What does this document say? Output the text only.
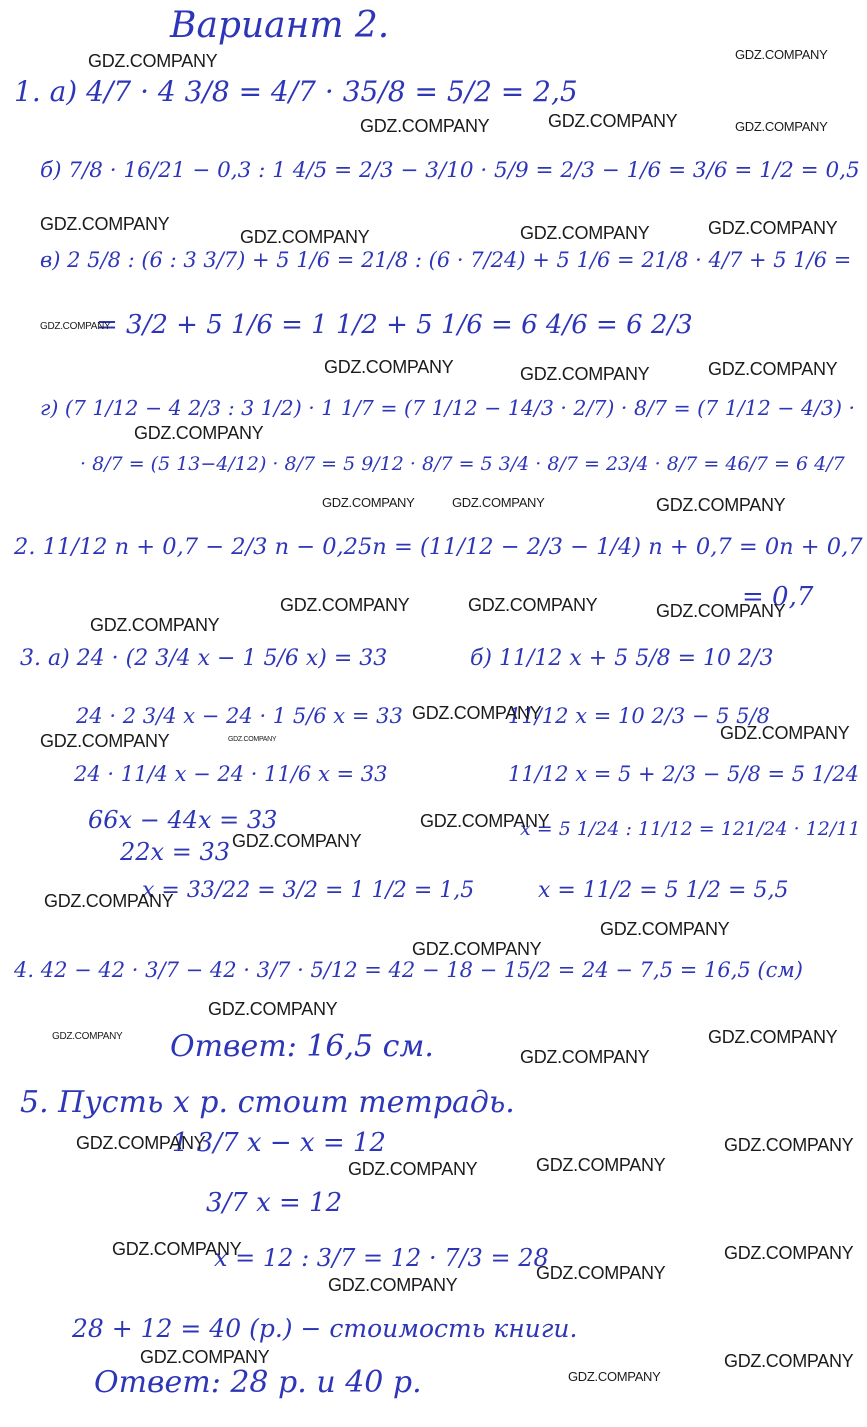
Вариант 2.
1. а) 4/7 · 4 3/8 = 4/7 · 35/8 = 5/2 = 2,5
б) 7/8 · 16/21 − 0,3 : 1 4/5 = 2/3 − 3/10 · 5/9 = 2/3 − 1/6 = 3/6 = 1/2 = 0,5
в) 2 5/8 : (6 : 3 3/7) + 5 1/6 = 21/8 : (6 · 7/24) + 5 1/6 = 21/8 · 4/7 + 5 1/6 =
= 3/2 + 5 1/6 = 1 1/2 + 5 1/6 = 6 4/6 = 6 2/3
г) (7 1/12 − 4 2/3 : 3 1/2) · 1 1/7 = (7 1/12 − 14/3 · 2/7) · 8/7 = (7 1/12 − 4/3) ·
· 8/7 = (5 13−4/12) · 8/7 = 5 9/12 · 8/7 = 5 3/4 · 8/7 = 23/4 · 8/7 = 46/7 = 6 4/7
2. 11/12 n + 0,7 − 2/3 n − 0,25n = (11/12 − 2/3 − 1/4) n + 0,7 = 0n + 0,7
= 0,7
3. а) 24 · (2 3/4 x − 1 5/6 x) = 33	б) 11/12 x + 5 5/8 = 10 2/3
24 · 2 3/4 x − 24 · 1 5/6 x = 33	11/12 x = 10 2/3 − 5 5/8
24 · 11/4 x − 24 · 11/6 x = 33	11/12 x = 5 + 2/3 − 5/8 = 5 1/24
66x − 44x = 33	x = 5 1/24 : 11/12 = 121/24 · 12/11
22x = 33
x = 33/22 = 3/2 = 1 1/2 = 1,5	x = 11/2 = 5 1/2 = 5,5
4. 42 − 42 · 3/7 − 42 · 3/7 · 5/12 = 42 − 18 − 15/2 = 24 − 7,5 = 16,5 (см)
Ответ: 16,5 см.
5. Пусть x р. стоит тетрадь.
1 3/7 x − x = 12
3/7 x = 12
x = 12 : 3/7 = 12 · 7/3 = 28
28 + 12 = 40 (р.) − стоимость книги.
Ответ: 28 р. и 40 р.
GDZ.COMPANY	GDZ.COMPANY
GDZ.COMPANY	GDZ.COMPANY	GDZ.COMPANY
GDZ.COMPANY
GDZ.COMPANY	GDZ.COMPANY	GDZ.COMPANY
GDZ.COMPANY
GDZ.COMPANY	GDZ.COMPANY	GDZ.COMPANY
GDZ.COMPANY
GDZ.COMPANY	GDZ.COMPANY	GDZ.COMPANY
GDZ.COMPANY	GDZ.COMPANY	GDZ.COMPANY
GDZ.COMPANY
GDZ.COMPANY
GDZ.COMPANY	GDZ.COMPANY	GDZ.COMPANY
GDZ.COMPANY
GDZ.COMPANY
GDZ.COMPANY
GDZ.COMPANY
GDZ.COMPANY
GDZ.COMPANY
GDZ.COMPANY	GDZ.COMPANY
GDZ.COMPANY
GDZ.COMPANY	GDZ.COMPANY
GDZ.COMPANY	GDZ.COMPANY
GDZ.COMPANY	GDZ.COMPANY
GDZ.COMPANY
GDZ.COMPANY
GDZ.COMPANY	GDZ.COMPANY
GDZ.COMPANY
